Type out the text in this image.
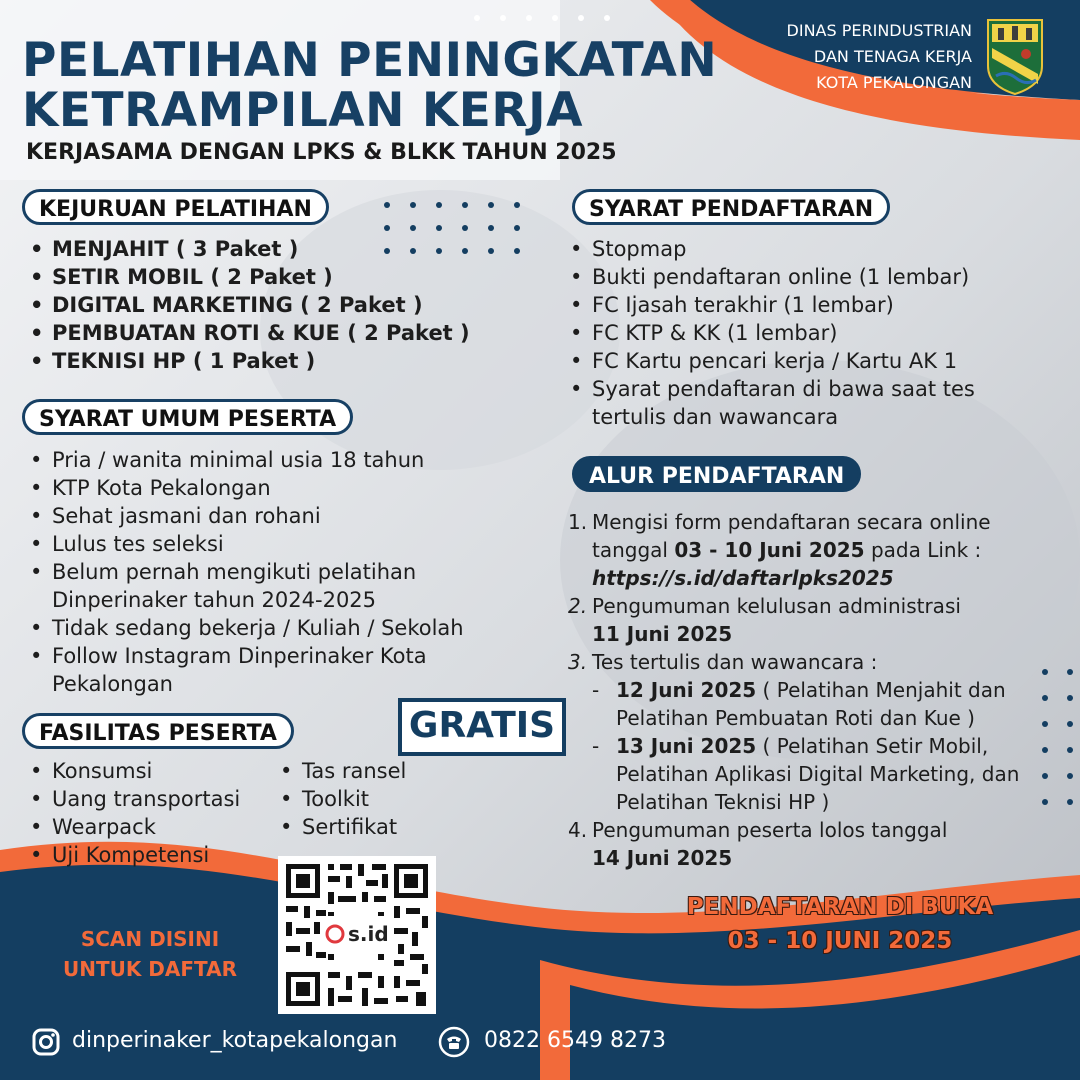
PELATIHAN PENINGKATAN
KETRAMPILAN KERJA
KERJASAMA DENGAN LPKS & BLKK TAHUN 2025
DINAS PERINDUSTRIAN
DAN TENAGA KERJA
KOTA PEKALONGAN
KEJURUAN PELATIHAN
• MENJAHIT ( 3 Paket )
• SETIR MOBIL ( 2 Paket )
• DIGITAL MARKETING ( 2 Paket )
• PEMBUATAN ROTI & KUE ( 2 Paket )
• TEKNISI HP ( 1 Paket )
SYARAT UMUM PESERTA
• Pria / wanita minimal usia 18 tahun
• KTP Kota Pekalongan
• Sehat jasmani dan rohani
• Lulus tes seleksi
• Belum pernah mengikuti pelatihan Dinperinaker tahun 2024-2025
• Tidak sedang bekerja / Kuliah / Sekolah
• Follow Instagram Dinperinaker Kota Pekalongan
FASILITAS PESERTA
• Konsumsi
• Uang transportasi
• Wearpack
• Uji Kompetensi
• Tas ransel
• Toolkit
• Sertifikat
GRATIS
SYARAT PENDAFTARAN
• Stopmap
• Bukti pendaftaran online (1 lembar)
• FC Ijasah terakhir (1 lembar)
• FC KTP & KK (1 lembar)
• FC Kartu pencari kerja / Kartu AK 1
• Syarat pendaftaran di bawa saat tes tertulis dan wawancara
ALUR PENDAFTARAN
1. Mengisi form pendaftaran secara online
tanggal 03 - 10 Juni 2025 pada Link :
https://s.id/daftarlpks2025
2. Pengumuman kelulusan administrasi
11 Juni 2025
3. Tes tertulis dan wawancara :
- 12 Juni 2025 ( Pelatihan Menjahit dan Pelatihan Pembuatan Roti dan Kue )
- 13 Juni 2025 ( Pelatihan Setir Mobil, Pelatihan Aplikasi Digital Marketing, dan Pelatihan Teknisi HP )
4. Pengumuman peserta lolos tanggal
14 Juni 2025
PENDAFTARAN DI BUKA
03 - 10 JUNI 2025
SCAN DISINI
UNTUK DAFTAR
s.id
dinperinaker_kotapekalongan	0822 6549 8273
